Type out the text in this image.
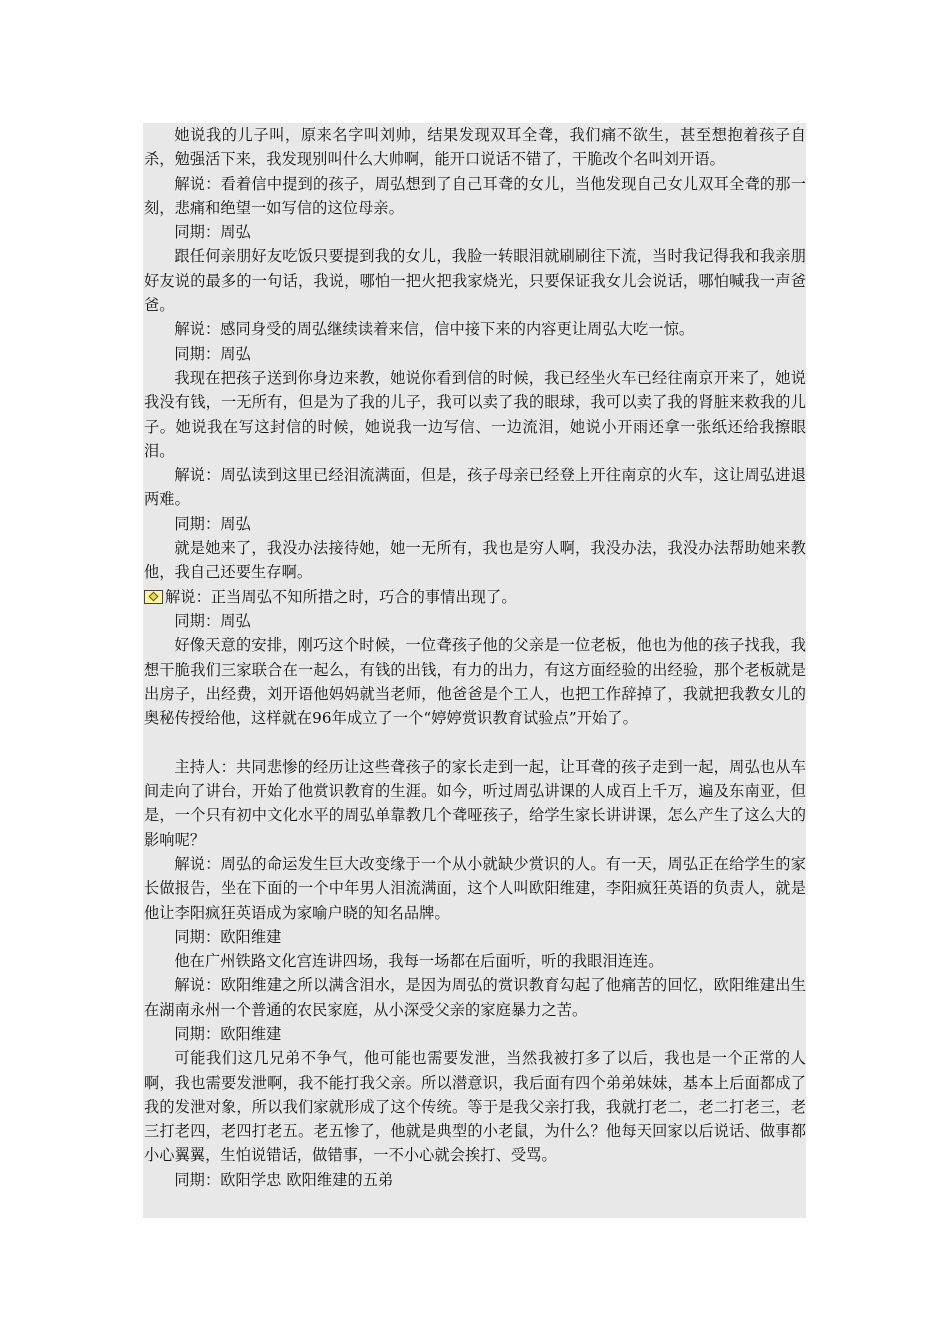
她说我的儿子叫，原来名字叫刘帅，结果发现双耳全聋，我们痛不欲生，甚至想抱着孩子自杀，勉强活下来，我发现别叫什么大帅啊，能开口说话不错了，干脆改个名叫刘开语。

解说：看着信中提到的孩子，周弘想到了自己耳聋的女儿，当他发现自己女儿双耳全聋的那一刻，悲痛和绝望一如写信的这位母亲。

同期：周弘

跟任何亲朋好友吃饭只要提到我的女儿，我脸一转眼泪就刷刷往下流，当时我记得我和我亲朋好友说的最多的一句话，我说，哪怕一把火把我家烧光，只要保证我女儿会说话，哪怕喊我一声爸爸。

解说：感同身受的周弘继续读着来信，信中接下来的内容更让周弘大吃一惊。

同期：周弘

我现在把孩子送到你身边来教，她说你看到信的时候，我已经坐火车已经往南京开来了，她说我没有钱，一无所有，但是为了我的儿子，我可以卖了我的眼球，我可以卖了我的肾脏来救我的儿子。她说我在写这封信的时候，她说我一边写信、一边流泪，她说小开雨还拿一张纸还给我擦眼泪。

解说：周弘读到这里已经泪流满面，但是，孩子母亲已经登上开往南京的火车，这让周弘进退两难。

同期：周弘

就是她来了，我没办法接待她，她一无所有，我也是穷人啊，我没办法，我没办法帮助她来教他，我自己还要生存啊。

解说：正当周弘不知所措之时，巧合的事情出现了。

同期：周弘

好像天意的安排，刚巧这个时候，一位聋孩子他的父亲是一位老板，他也为他的孩子找我，我想干脆我们三家联合在一起么，有钱的出钱，有力的出力，有这方面经验的出经验，那个老板就是出房子，出经费，刘开语他妈妈就当老师，他爸爸是个工人，也把工作辞掉了，我就把我教女儿的奥秘传授给他，这样就在96年成立了一个“婷婷赏识教育试验点”开始了。

主持人：共同悲惨的经历让这些聋孩子的家长走到一起，让耳聋的孩子走到一起，周弘也从车间走向了讲台，开始了他赏识教育的生涯。如今，听过周弘讲课的人成百上千万，遍及东南亚，但是，一个只有初中文化水平的周弘单靠教几个聋哑孩子，给学生家长讲讲课，怎么产生了这么大的影响呢？

解说：周弘的命运发生巨大改变缘于一个从小就缺少赏识的人。有一天，周弘正在给学生的家长做报告，坐在下面的一个中年男人泪流满面，这个人叫欧阳维建，李阳疯狂英语的负责人，就是他让李阳疯狂英语成为家喻户晓的知名品牌。

同期：欧阳维建

他在广州铁路文化宫连讲四场，我每一场都在后面听，听的我眼泪连连。

解说：欧阳维建之所以满含泪水，是因为周弘的赏识教育勾起了他痛苦的回忆，欧阳维建出生在湖南永州一个普通的农民家庭，从小深受父亲的家庭暴力之苦。

同期：欧阳维建

可能我们这几兄弟不争气，他可能也需要发泄，当然我被打多了以后，我也是一个正常的人啊，我也需要发泄啊，我不能打我父亲。所以潜意识，我后面有四个弟弟妹妹，基本上后面都成了我的发泄对象，所以我们家就形成了这个传统。等于是我父亲打我，我就打老二，老二打老三，老三打老四，老四打老五。老五惨了，他就是典型的小老鼠，为什么？他每天回家以后说话、做事都小心翼翼，生怕说错话，做错事，一不小心就会挨打、受骂。

同期：欧阳学忠 欧阳维建的五弟
